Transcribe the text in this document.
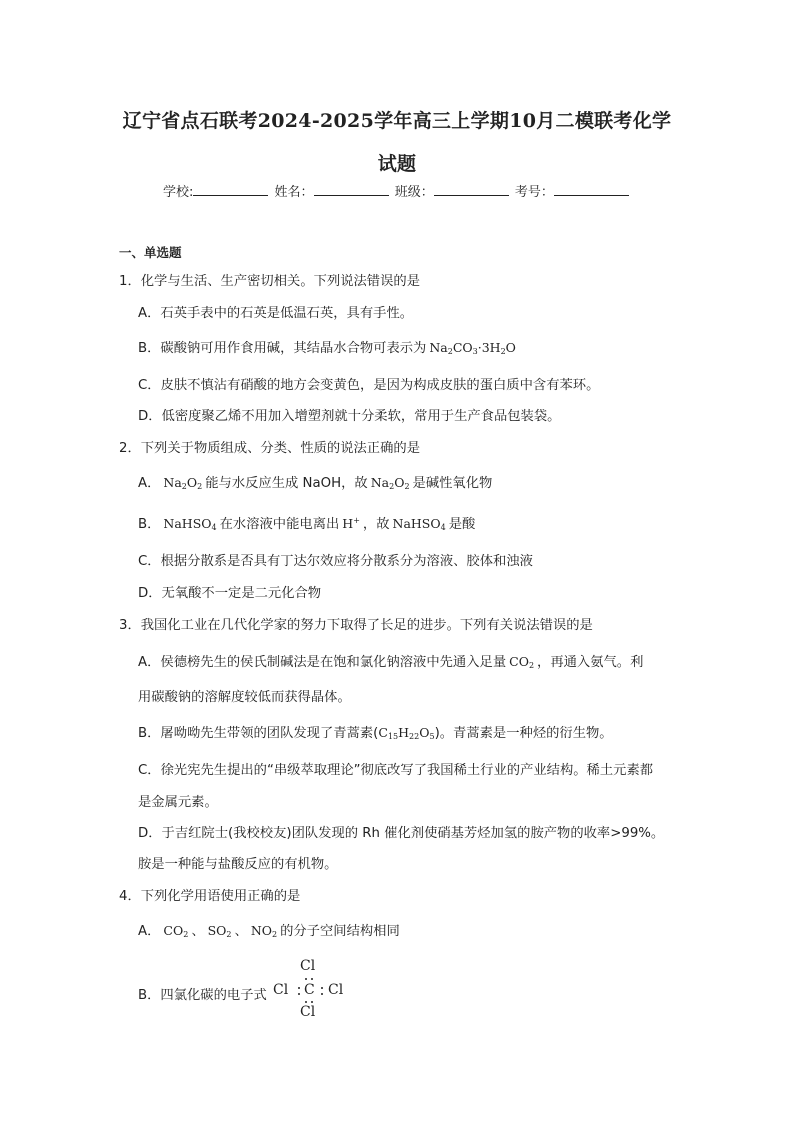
辽宁省点石联考2024-2025学年高三上学期10月二模联考化学
试题
学校:	姓名：	班级：	考号：
一、单选题
1．化学与生活、生产密切相关。下列说法错误的是
A．石英手表中的石英是低温石英，具有手性。
B．碳酸钠可用作食用碱，其结晶水合物可表示为 $Na_2CO_3\cdot 3H_2O$
C．皮肤不慎沾有硝酸的地方会变黄色，是因为构成皮肤的蛋白质中含有苯环。
D．低密度聚乙烯不用加入增塑剂就十分柔软，常用于生产食品包装袋。
2．下列关于物质组成、分类、性质的说法正确的是
A． $Na_2O_2$ 能与水反应生成 NaOH，故 $Na_2O_2$ 是碱性氧化物
B． NaHSO$_4$ 在水溶液中能电离出 H+ ，故 NaHSO$_4$ 是酸
C．根据分散系是否具有丁达尔效应将分散系分为溶液、胶体和浊液
D．无氧酸不一定是二元化合物
3．我国化工业在几代化学家的努力下取得了长足的进步。下列有关说法错误的是
A．侯德榜先生的侯氏制碱法是在饱和氯化钠溶液中先通入足量 $CO_2$ ，再通入氨气。利
用碳酸钠的溶解度较低而获得晶体。
B．屠呦呦先生带领的团队发现了青蒿素$(C_{15}H_{22}O_5)$。青蒿素是一种烃的衍生物。
C．徐光宪先生提出的“串级萃取理论”彻底改写了我国稀土行业的产业结构。稀土元素都
是金属元素。
D．于吉红院士(我校校友)团队发现的 Rh 催化剂使硝基芳烃加氢的胺产物的收率>99%。
胺是一种能与盐酸反应的有机物。
4．下列化学用语使用正确的是
A． $CO_2$ 、 $SO_2$ 、 $NO_2$ 的分子空间结构相同
B．四氯化碳的电子式
Cl
Cl C Cl
Cl
